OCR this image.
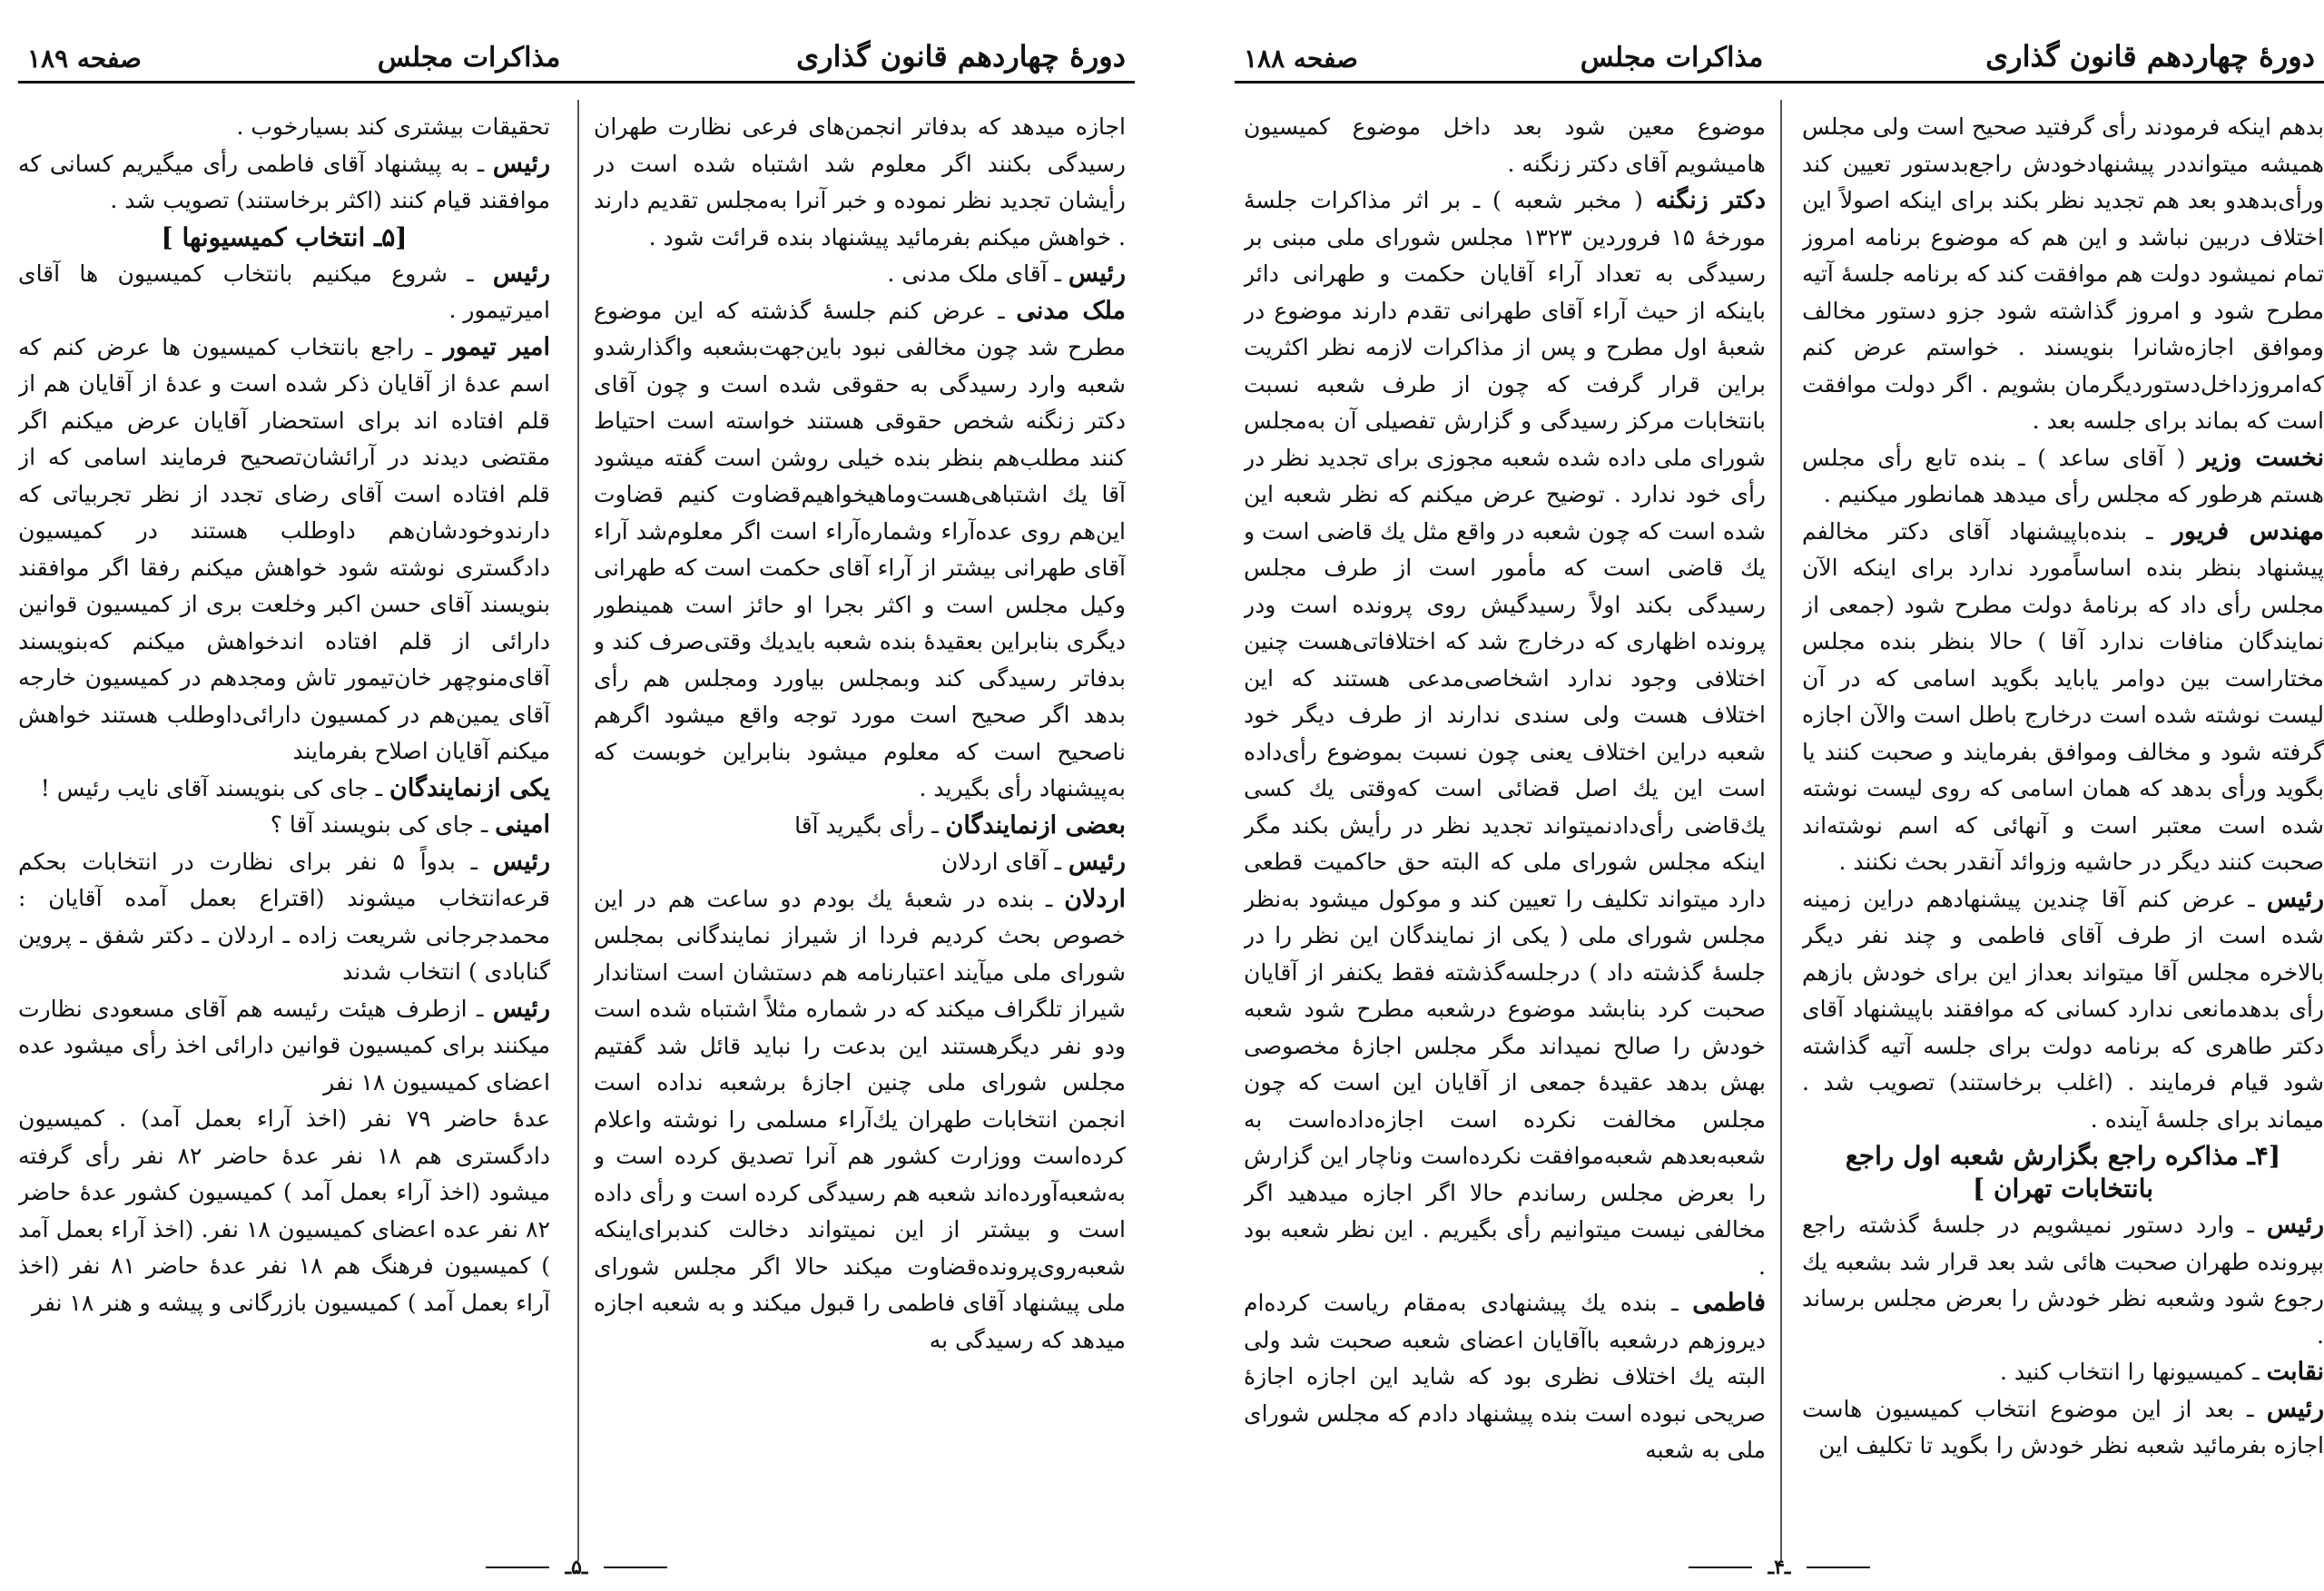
دورهٔ چهاردهم قانون گذاری
مذاکرات مجلس
صفحه ۱۸۹

اجازه میدهد که بدفاتر انجمن‌های فرعی نظارت طهران رسیدگی بکنند اگر معلوم شد اشتباه شده است در رأیشان تجدید نظر نموده و خبر آنرا به‌مجلس تقدیم دارند . خواهش میکنم بفرمائید پیشنهاد بنده قرائت شود .

رئیس ـ آقای ملک مدنی .

ملک مدنی ـ عرض کنم جلسهٔ گذشته که این موضوع مطرح شد چون مخالفی نبود باین‌جهت‌بشعبه واگذارشدو شعبه وارد رسیدگی به حقوقی شده است و چون آقای دکتر زنگنه شخص حقوقی هستند خواسته است احتیاط کنند مطلب‌هم بنظر بنده خیلی روشن است گفته میشود آقا یك اشتباهی‌هست‌وماهیخواهیم‌قضاوت کنیم قضاوت این‌هم روی عده‌آراء وشماره‌آراء است اگر معلوم‌شد آراء آقای طهرانی بیشتر از آراء آقای حکمت است که طهرانی وکیل مجلس است و اکثر بجرا او حائز است همینطور دیگری بنابراین بعقیدهٔ بنده شعبه بایدیك وقتی‌صرف کند و بدفاتر رسیدگی کند وبمجلس بیاورد ومجلس هم رأی بدهد اگر صحیح است مورد توجه واقع میشود اگرهم ناصحیح است که معلوم میشود بنابراین خوبست که به‌پیشنهاد رأی بگیرید .

بعضی ازنمایندگان ـ رأی بگیرید آقا

رئیس ـ آقای اردلان

اردلان ـ بنده در شعبهٔ یك بودم دو ساعت هم در این خصوص بحث کردیم فردا از شیراز نمایندگانی بمجلس شورای ملی میآیند اعتبارنامه هم دستشان است استاندار شیراز تلگراف میکند که در شماره مثلاً اشتباه شده است ودو نفر دیگرهستند این بدعت را نباید قائل شد گفتیم مجلس شورای ملی چنین اجازهٔ برشعبه نداده است انجمن انتخابات طهران یك‌آراء مسلمی را نوشته واعلام کرده‌است ووزارت کشور هم آنرا تصدیق کرده است و به‌شعبه‌آورده‌اند شعبه هم رسیدگی کرده است و رأی داده است و بیشتر از این نمیتواند دخالت کندبرای‌اینکه شعبه‌روی‌پرونده‌قضاوت میکند حالا اگر مجلس شورای ملی پیشنهاد آقای فاطمی را قبول میکند و به شعبه اجازه میدهد که رسیدگی به

تحقیقات بیشتری کند بسیارخوب .

رئیس ـ به پیشنهاد آقای فاطمی رأی میگیریم کسانی که موافقند قیام کنند (اکثر برخاستند) تصویب شد .

[۵ـ انتخاب کمیسیونها ]

رئیس ـ شروع میکنیم بانتخاب کمیسیون ها آقای امیرتیمور .

امیر تیمور ـ راجع بانتخاب کمیسیون ها عرض کنم که اسم عدهٔ از آقایان ذکر شده است و عدهٔ از آقایان هم از قلم افتاده اند برای استحضار آقایان عرض میکنم اگر مقتضی دیدند در آرائشان‌تصحیح فرمایند اسامی که از قلم افتاده است آقای رضای تجدد از نظر تجربیاتی که دارند‌وخودشان‌هم داوطلب هستند در کمیسیون دادگستری نوشته شود خواهش میکنم رفقا اگر موافقند بنویسند آقای حسن اکبر وخلعت بری از کمیسیون قوانین دارائی از قلم افتاده اندخواهش میکنم که‌بنویسند آقای‌منوچهر خان‌تیمور تاش ومجدهم در کمیسیون خارجه آقای یمین‌هم در کمسیون دارائی‌داوطلب هستند خواهش میکنم آقایان اصلاح بفرمایند

یکی ازنمایندگان ـ جای کی بنویسند آقای نایب رئیس !

امینی ـ جای کی بنویسند آقا ؟

رئیس ـ بدواً ۵ نفر برای نظارت در انتخابات بحکم قرعه‌انتخاب میشوند (اقتراع بعمل آمده آقایان : محمدجرجانی شریعت زاده ـ اردلان ـ دکتر شفق ـ پروین گنابادی ) انتخاب شدند

رئیس ـ ازطرف هیئت رئیسه هم آقای مسعودی نظارت میکنند برای کمیسیون قوانین دارائی اخذ رأی میشود عده اعضای کمیسیون ۱۸ نفر

عدهٔ حاضر ۷۹ نفر (اخذ آراء بعمل آمد) . کمیسیون دادگستری هم ۱۸ نفر عدهٔ حاضر ۸۲ نفر رأی گرفته میشود (اخذ آراء بعمل آمد ) کمیسیون کشور عدهٔ حاضر ۸۲ نفر عده اعضای کمیسیون ۱۸ نفر. (اخذ آراء بعمل آمد ) کمیسیون فرهنگ هم ۱۸ نفر عدهٔ حاضر ۸۱ نفر (اخذ آراء بعمل آمد ) کمیسیون بازرگانی و پیشه و هنر ۱۸ نفر

ـ۵ـ
دورهٔ چهاردهم قانون گذاری
مذاکرات مجلس
صفحه ۱۸۸

بدهم اینکه فرمودند رأی گرفتید صحیح است ولی مجلس همیشه میتوانددر پیشنهادخودش راجع‌بدستور تعیین کند ورأی‌بدهدو بعد هم تجدید نظر بکند برای اینکه اصولاً این اختلاف دربین نباشد و این هم که موضوع برنامه امروز تمام نمیشود دولت هم موافقت کند که برنامه جلسهٔ آتیه مطرح شود و امروز گذاشته شود جزو دستور مخالف وموافق اجازه‌شانرا بنویسند . خواستم عرض کنم که‌امروزداخل‌دستوردیگرمان بشویم . اگر دولت موافقت است که بماند برای جلسه بعد .

نخست وزیر ( آقای ساعد ) ـ بنده تابع رأی مجلس هستم هرطور که مجلس رأی میدهد همانطور میکنیم .

مهندس فریور ـ بنده‌باپیشنهاد آقای دکتر مخالفم پیشنهاد بنظر بنده اساساًمورد ندارد برای اینکه الآن مجلس رأی داد که برنامهٔ دولت مطرح شود (جمعی از نمایندگان منافات ندارد آقا ) حالا بنظر بنده مجلس مختاراست بین دوامر یاباید بگوید اسامی که در آن لیست نوشته شده است درخارج باطل است والآن اجازه گرفته شود و مخالف وموافق بفرمایند و صحبت کنند یا بگوید ورأی بدهد که همان اسامی که روی لیست نوشته شده است معتبر است و آنهائی که اسم نوشته‌اند صحبت کنند دیگر در حاشیه وزوائد آنقدر بحث نکنند .

رئیس ـ عرض کنم آقا چندین پیشنهادهم دراین زمینه شده است از طرف آقای فاطمی و چند نفر دیگر بالاخره مجلس آقا میتواند بعداز این برای خودش بازهم رأی بدهدمانعی ندارد کسانی که موافقند باپیشنهاد آقای دکتر طاهری که برنامه دولت برای جلسه آتیه گذاشته شود قیام فرمایند . (اغلب برخاستند) تصویب شد . میماند برای جلسهٔ آینده .

[۴ـ مذاکره راجع بگزارش شعبه اول راجع بانتخابات تهران ]

رئیس ـ وارد دستور نمیشویم در جلسهٔ گذشته راجع بپرونده طهران صحبت هائی شد بعد قرار شد بشعبه یك رجوع شود وشعبه نظر خودش را بعرض مجلس برساند .

نقابت ـ کمیسیونها را انتخاب کنید .

رئیس ـ بعد از این موضوع انتخاب کمیسیون هاست اجازه بفرمائید شعبه نظر خودش را بگوید تا تکلیف این

موضوع معین شود بعد داخل موضوع کمیسیون هامیشویم آقای دکتر زنگنه .

دکتر زنگنه ( مخبر شعبه ) ـ بر اثر مذاکرات جلسهٔ مورخهٔ ۱۵ فروردین ۱۳۲۳ مجلس شورای ملی مبنی بر رسیدگی به تعداد آراء آقایان حکمت و طهرانی دائر باینکه از حیث آراء آقای طهرانی تقدم دارند موضوع در شعبهٔ اول مطرح و پس از مذاکرات لازمه نظر اکثریت براین قرار گرفت که چون از طرف شعبه نسبت بانتخابات مرکز رسیدگی و گزارش تفصیلی آن به‌مجلس شورای ملی داده شده شعبه مجوزی برای تجدید نظر در رأی خود ندارد . توضیح عرض میکنم که نظر شعبه این شده است که چون شعبه در واقع مثل یك قاضی است و یك قاضی است که مأمور است از طرف مجلس رسیدگی بکند اولاً رسیدگیش روی پرونده است ودر پرونده اظهاری که درخارج شد که اختلافاتی‌هست چنین اختلافی وجود ندارد اشخاصی‌مدعی هستند که این اختلاف هست ولی سندی ندارند از طرف دیگر خود شعبه دراین اختلاف یعنی چون نسبت بموضوع رأی‌داده است این یك اصل قضائی است که‌وقتی یك کسی یك‌قاضی رأی‌دادنمیتواند تجدید نظر در رأیش بکند مگر اینکه مجلس شورای ملی که البته حق حاکمیت قطعی دارد میتواند تکلیف را تعیین کند و موکول میشود به‌نظر مجلس شورای ملی ( یکی از نمایندگان این نظر را در جلسهٔ گذشته داد ) درجلسه‌گذشته فقط یکنفر از آقایان صحبت کرد بنابشد موضوع درشعبه مطرح شود شعبه خودش را صالح نمیداند مگر مجلس اجازهٔ مخصوصی بهش بدهد عقیدهٔ جمعی از آقایان این است که چون مجلس مخالفت نکرده است اجازه‌داده‌است به شعبه‌بعدهم شعبه‌موافقت نکرده‌است وناچار این گزارش را بعرض مجلس رساندم حالا اگر اجازه میدهید اگر مخالفی نیست میتوانیم رأی بگیریم . این نظر شعبه بود .

فاطمی ـ بنده یك پیشنهادی به‌مقام ریاست کرده‌ام دیروزهم درشعبه باآقایان اعضای شعبه صحبت شد ولی البته یك اختلاف نظری بود که شاید این اجازه اجازهٔ صریحی نبوده است بنده پیشنهاد دادم که مجلس شورای ملی به شعبه

ـ۴ـ
